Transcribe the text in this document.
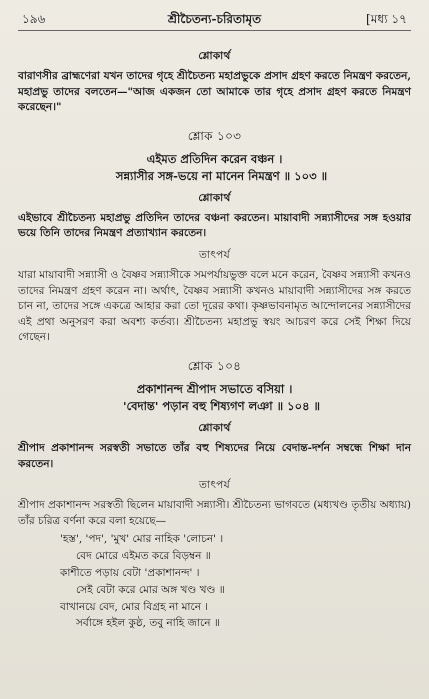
১৯৬	শ্রীচৈতন্য-চরিতামৃত	[মধ্য ১৭
শ্লোকার্থ

বারাণসীর ব্রাহ্মণেরা যখন তাদের গৃহে শ্রীচৈতন্য মহাপ্রভুকে প্রসাদ গ্রহণ করতে নিমন্ত্রণ করতেন, মহাপ্রভু তাদের বলতেন—"আজ একজন তো আমাকে তার গৃহে প্রসাদ গ্রহণ করতে নিমন্ত্রণ করেছেন।"

শ্লোক ১০৩

এইমত প্রতিদিন করেন বঞ্চন ।

সন্ন্যাসীর সঙ্গ-ভয়ে না মানেন নিমন্ত্রণ ॥ ১০৩ ॥

শ্লোকার্থ

এইভাবে শ্রীচৈতন্য মহাপ্রভু প্রতিদিন তাদের বঞ্চনা করতেন। মায়াবাদী সন্ন্যাসীদের সঙ্গ হওয়ার ভয়ে তিনি তাদের নিমন্ত্রণ প্রত্যাখ্যান করতেন।

তাৎপর্য

যারা মায়াবাদী সন্ন্যাসী ও বৈষ্ণব সন্ন্যাসীকে সমপর্যায়ভুক্ত বলে মনে করেন, বৈষ্ণব সন্ন্যাসী কখনও তাদের নিমন্ত্রণ গ্রহণ করেন না। অর্থাৎ, বৈষ্ণব সন্ন্যাসী কখনও মায়াবাদী সন্ন্যাসীদের সঙ্গ করতে চান না, তাদের সঙ্গে একত্রে আহার করা তো দূরের কথা। কৃষ্ণভাবনামৃত আন্দোলনের সন্ন্যাসীদের এই প্রথা অনুসরণ করা অবশ্য কর্তব্য। শ্রীচৈতন্য মহাপ্রভু স্বয়ং আচরণ করে সেই শিক্ষা দিয়ে গেছেন।

শ্লোক ১০৪

প্রকাশানন্দ শ্রীপাদ সভাতে বসিয়া ।

'বেদান্ত' পড়ান বহু শিষ্যগণ লঞা ॥ ১০৪ ॥

শ্লোকার্থ

শ্রীপাদ প্রকাশানন্দ সরস্বতী সভাতে তাঁর বহু শিষ্যদের নিয়ে বেদান্ত-দর্শন সম্বন্ধে শিক্ষা দান করতেন।

তাৎপর্য

শ্রীপাদ প্রকাশানন্দ সরস্বতী ছিলেন মায়াবাদী সন্ন্যাসী। শ্রীচৈতন্য ভাগবতে (মধ্যখণ্ড তৃতীয় অধ্যায়) তাঁর চরিত্র বর্ণনা করে বলা হয়েছে—

'হস্ত', 'পদ', 'মুখ' মোর নাহিক 'লোচন' ।
বেদ মোরে এইমত করে বিড়ম্বন ॥
কাশীতে পড়ায় বেটা 'প্রকাশানন্দ' ।
সেই বেটা করে মোর অঙ্গ খণ্ড খণ্ড ॥
বাখানয়ে বেদ, মোর বিগ্রহ না মানে ।
সর্বাঙ্গে হইল কুষ্ঠ, তবু নাহি জানে ॥
